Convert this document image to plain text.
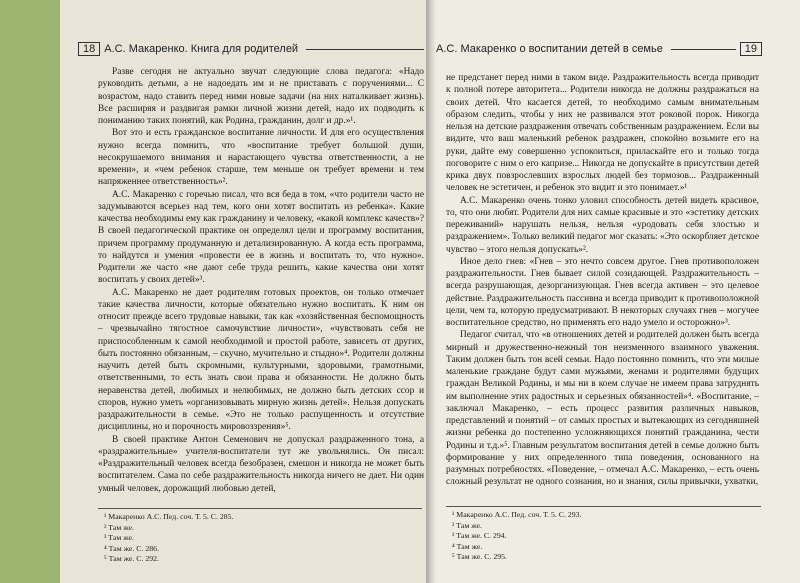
18 А.С. Макаренко. Книга для родителей

Разве сегодня не актуально звучат следующие слова педагога: «Надо руководить детьми, а не надоедать им и не приставать с поручениями... С возрастом, надо ставить перед ними новые задачи (на них наталкивает жизнь). Все расширяя и раздвигая рамки личной жизни детей, надо их подводить к пониманию таких понятий, как Родина, гражданин, долг и др.»¹.

Вот это и есть гражданское воспитание личности. И для его осуществления нужно всегда помнить, что «воспитание требует большой души, несокрушаемого внимания и нарастающего чувства ответственности, а не времени», и «чем ребенок старше, тем меньше он требует времени и тем напряженнее ответственность»².

А.С. Макаренко с горечью писал, что вся беда в том, «что родители часто не задумываются всерьез над тем, кого они хотят воспитать из ребенка». Какие качества необходимы ему как гражданину и человеку, «какой комплекс качеств»? В своей педагогической практике он определял цели и программу воспитания, причем программу продуманную и детализированную. А когда есть программа, то найдутся и умения «провести ее в жизнь и воспитать то, что нужно». Родители же часто «не дают себе труда решить, какие качества они хотят воспитать у своих детей»³.

А.С. Макаренко не дает родителям готовых проектов, он только отмечает такие качества личности, которые обязательно нужно воспитать. К ним он относит прежде всего трудовые навыки, так как «хозяйственная беспомощность – чрезвычайно тягостное самочувствие личности», «чувствовать себя не приспособленным к самой необходимой и простой работе, зависеть от других, быть постоянно обязанным, – скучно, мучительно и стыдно»⁴. Родители должны научить детей быть скромными, культурными, здоровыми, грамотными, ответственными, то есть знать свои права и обязанности. Не должно быть неравенства детей, любимых и нелюбимых, не должно быть детских ссор и споров, нужно уметь «организовывать мирную жизнь детей». Нельзя допускать раздражительности в семье. «Это не только распущенность и отсутствие дисциплины, но и порочность мировоззрения»⁵.

В своей практике Антон Семенович не допускал раздраженного тона, а «раздражительные» учителя-воспитатели тут же увольнялись. Он писал: «Раздражительный человек всегда безобразен, смешон и никогда не может быть воспитателем. Сама по себе раздражительность никогда ничего не дает. Ни один умный человек, дорожащий любовью детей,

¹ Макаренко А.С. Пед. соч. Т. 5. С. 285.
² Там же.
³ Там же.
⁴ Там же. С. 286.
⁵ Там же. С. 292.
А.С. Макаренко о воспитании детей в семье	19

не предстанет перед ними в таком виде. Раздражительность всегда приводит к полной потере авторитета... Родители никогда не должны раздражаться на своих детей. Что касается детей, то необходимо самым внимательным образом следить, чтобы у них не развивался этот роковой порок. Никогда нельзя на детские раздражения отвечать собственным раздражением. Если вы видите, что ваш маленький ребенок раздражен, спокойно возьмите его на руки, дайте ему совершенно успокоиться, приласкайте его и только тогда поговорите с ним о его капризе... Никогда не допускайте в присутствии детей крика двух повзрослевших взрослых людей без тормозов... Раздраженный человек не эстетичен, и ребенок это видит и это понимает.»¹

А.С. Макаренко очень тонко уловил способность детей видеть красивое, то, что они любят. Родители для них самые красивые и это «эстетику детских переживаний» нарушать нельзя, нельзя «уродовать себя злостью и раздражением». Только великий педагог мог сказать: «Это оскорбляет детское чувство – этого нельзя допускать»².

Иное дело гнев: «Гнев – это нечто совсем другое. Гнев противоположен раздражительности. Гнев бывает силой созидающей. Раздражительность – всегда разрушающая, дезорганизующая. Гнев всегда активен – это целевое действие. Раздражительность пассивна и всегда приводит к противоположной цели, чем та, которую предусматривают. В некоторых случаях гнев – могучее воспитательное средство, но применять его надо умело и осторожно»³.

Педагог считал, что «в отношениях детей и родителей должен быть всегда мирный и дружественно-нежный тон неизменного взаимного уважения. Таким должен быть тон всей семьи. Надо постоянно помнить, что эти милые маленькие граждане будут сами мужьями, женами и родителями будущих граждан Великой Родины, и мы ни в коем случае не имеем права затруднять им выполнение этих радостных и серьезных обязанностей»⁴. «Воспитание, – заключал Макаренко, – есть процесс развития различных навыков, представлений и понятий – от самых простых и вытекающих из сегодняшней жизни ребенка до постепенно усложняющихся понятий гражданина, чести Родины и т.д.»⁵. Главным результатом воспитания детей в семье должно быть формирование у них определенного типа поведения, основанного на разумных потребностях. «Поведение, – отмечал А.С. Макаренко, – есть очень сложный результат не одного сознания, но и знания, силы привычки, ухватки,

¹ Макаренко А.С. Пед. соч. Т. 5. С. 293.
² Там же.
³ Там же. С. 294.
⁴ Там же.
⁵ Там же. С. 295.
